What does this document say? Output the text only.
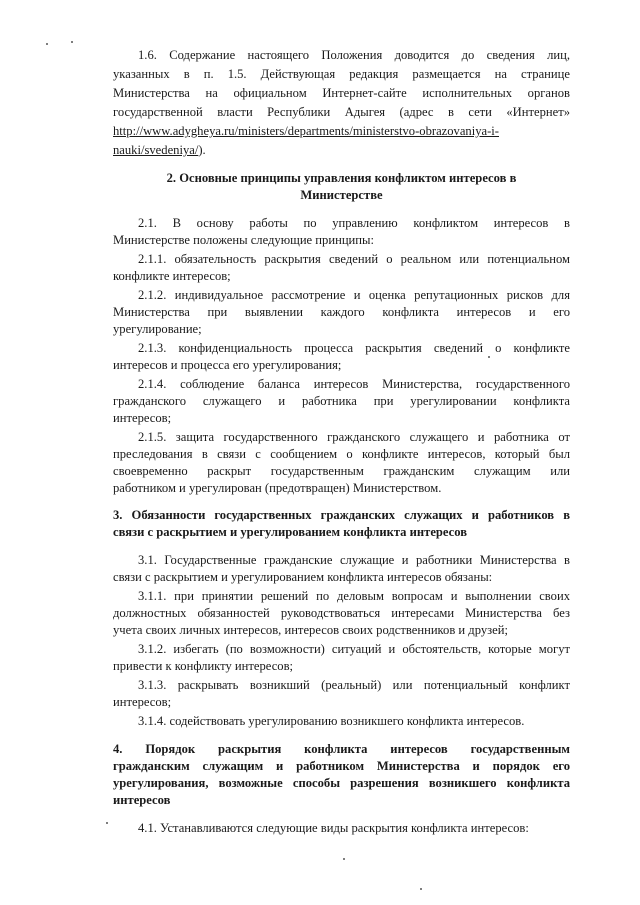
1.6. Содержание настоящего Положения доводится до сведения лиц,
указанных в п. 1.5. Действующая редакция размещается на странице
Министерства на официальном Интернет-сайте исполнительных органов
государственной власти Республики Адыгея (адрес в сети «Интернет»
http://www.adygheya.ru/ministers/departments/ministerstvo-obrazovaniya-i-
nauki/svedeniya/).
2. Основные принципы управления конфликтом интересов в
Министерстве
2.1. В основу работы по управлению конфликтом интересов в
Министерстве положены следующие принципы:
2.1.1. обязательность раскрытия сведений о реальном или потенциальном
конфликте интересов;
2.1.2. индивидуальное рассмотрение и оценка репутационных рисков для
Министерства при выявлении каждого конфликта интересов и его
урегулирование;
2.1.3. конфиденциальность процесса раскрытия сведений о конфликте
интересов и процесса его урегулирования;
2.1.4. соблюдение баланса интересов Министерства, государственного
гражданского служащего и работника при урегулировании конфликта
интересов;
2.1.5. защита государственного гражданского служащего и работника от
преследования в связи с сообщением о конфликте интересов, который был
своевременно раскрыт государственным гражданским служащим или
работником и урегулирован (предотвращен) Министерством.
3. Обязанности государственных гражданских служащих и работников в
связи с раскрытием и урегулированием конфликта интересов
3.1. Государственные гражданские служащие и работники Министерства в
связи с раскрытием и урегулированием конфликта интересов обязаны:
3.1.1. при принятии решений по деловым вопросам и выполнении своих
должностных обязанностей руководствоваться интересами Министерства без
учета своих личных интересов, интересов своих родственников и друзей;
3.1.2. избегать (по возможности) ситуаций и обстоятельств, которые могут
привести к конфликту интересов;
3.1.3. раскрывать возникший (реальный) или потенциальный конфликт
интересов;
3.1.4. содействовать урегулированию возникшего конфликта интересов.
4. Порядок раскрытия конфликта интересов государственным
гражданским служащим и работником Министерства и порядок его
урегулирования, возможные способы разрешения возникшего конфликта
интересов
4.1. Устанавливаются следующие виды раскрытия конфликта интересов:
